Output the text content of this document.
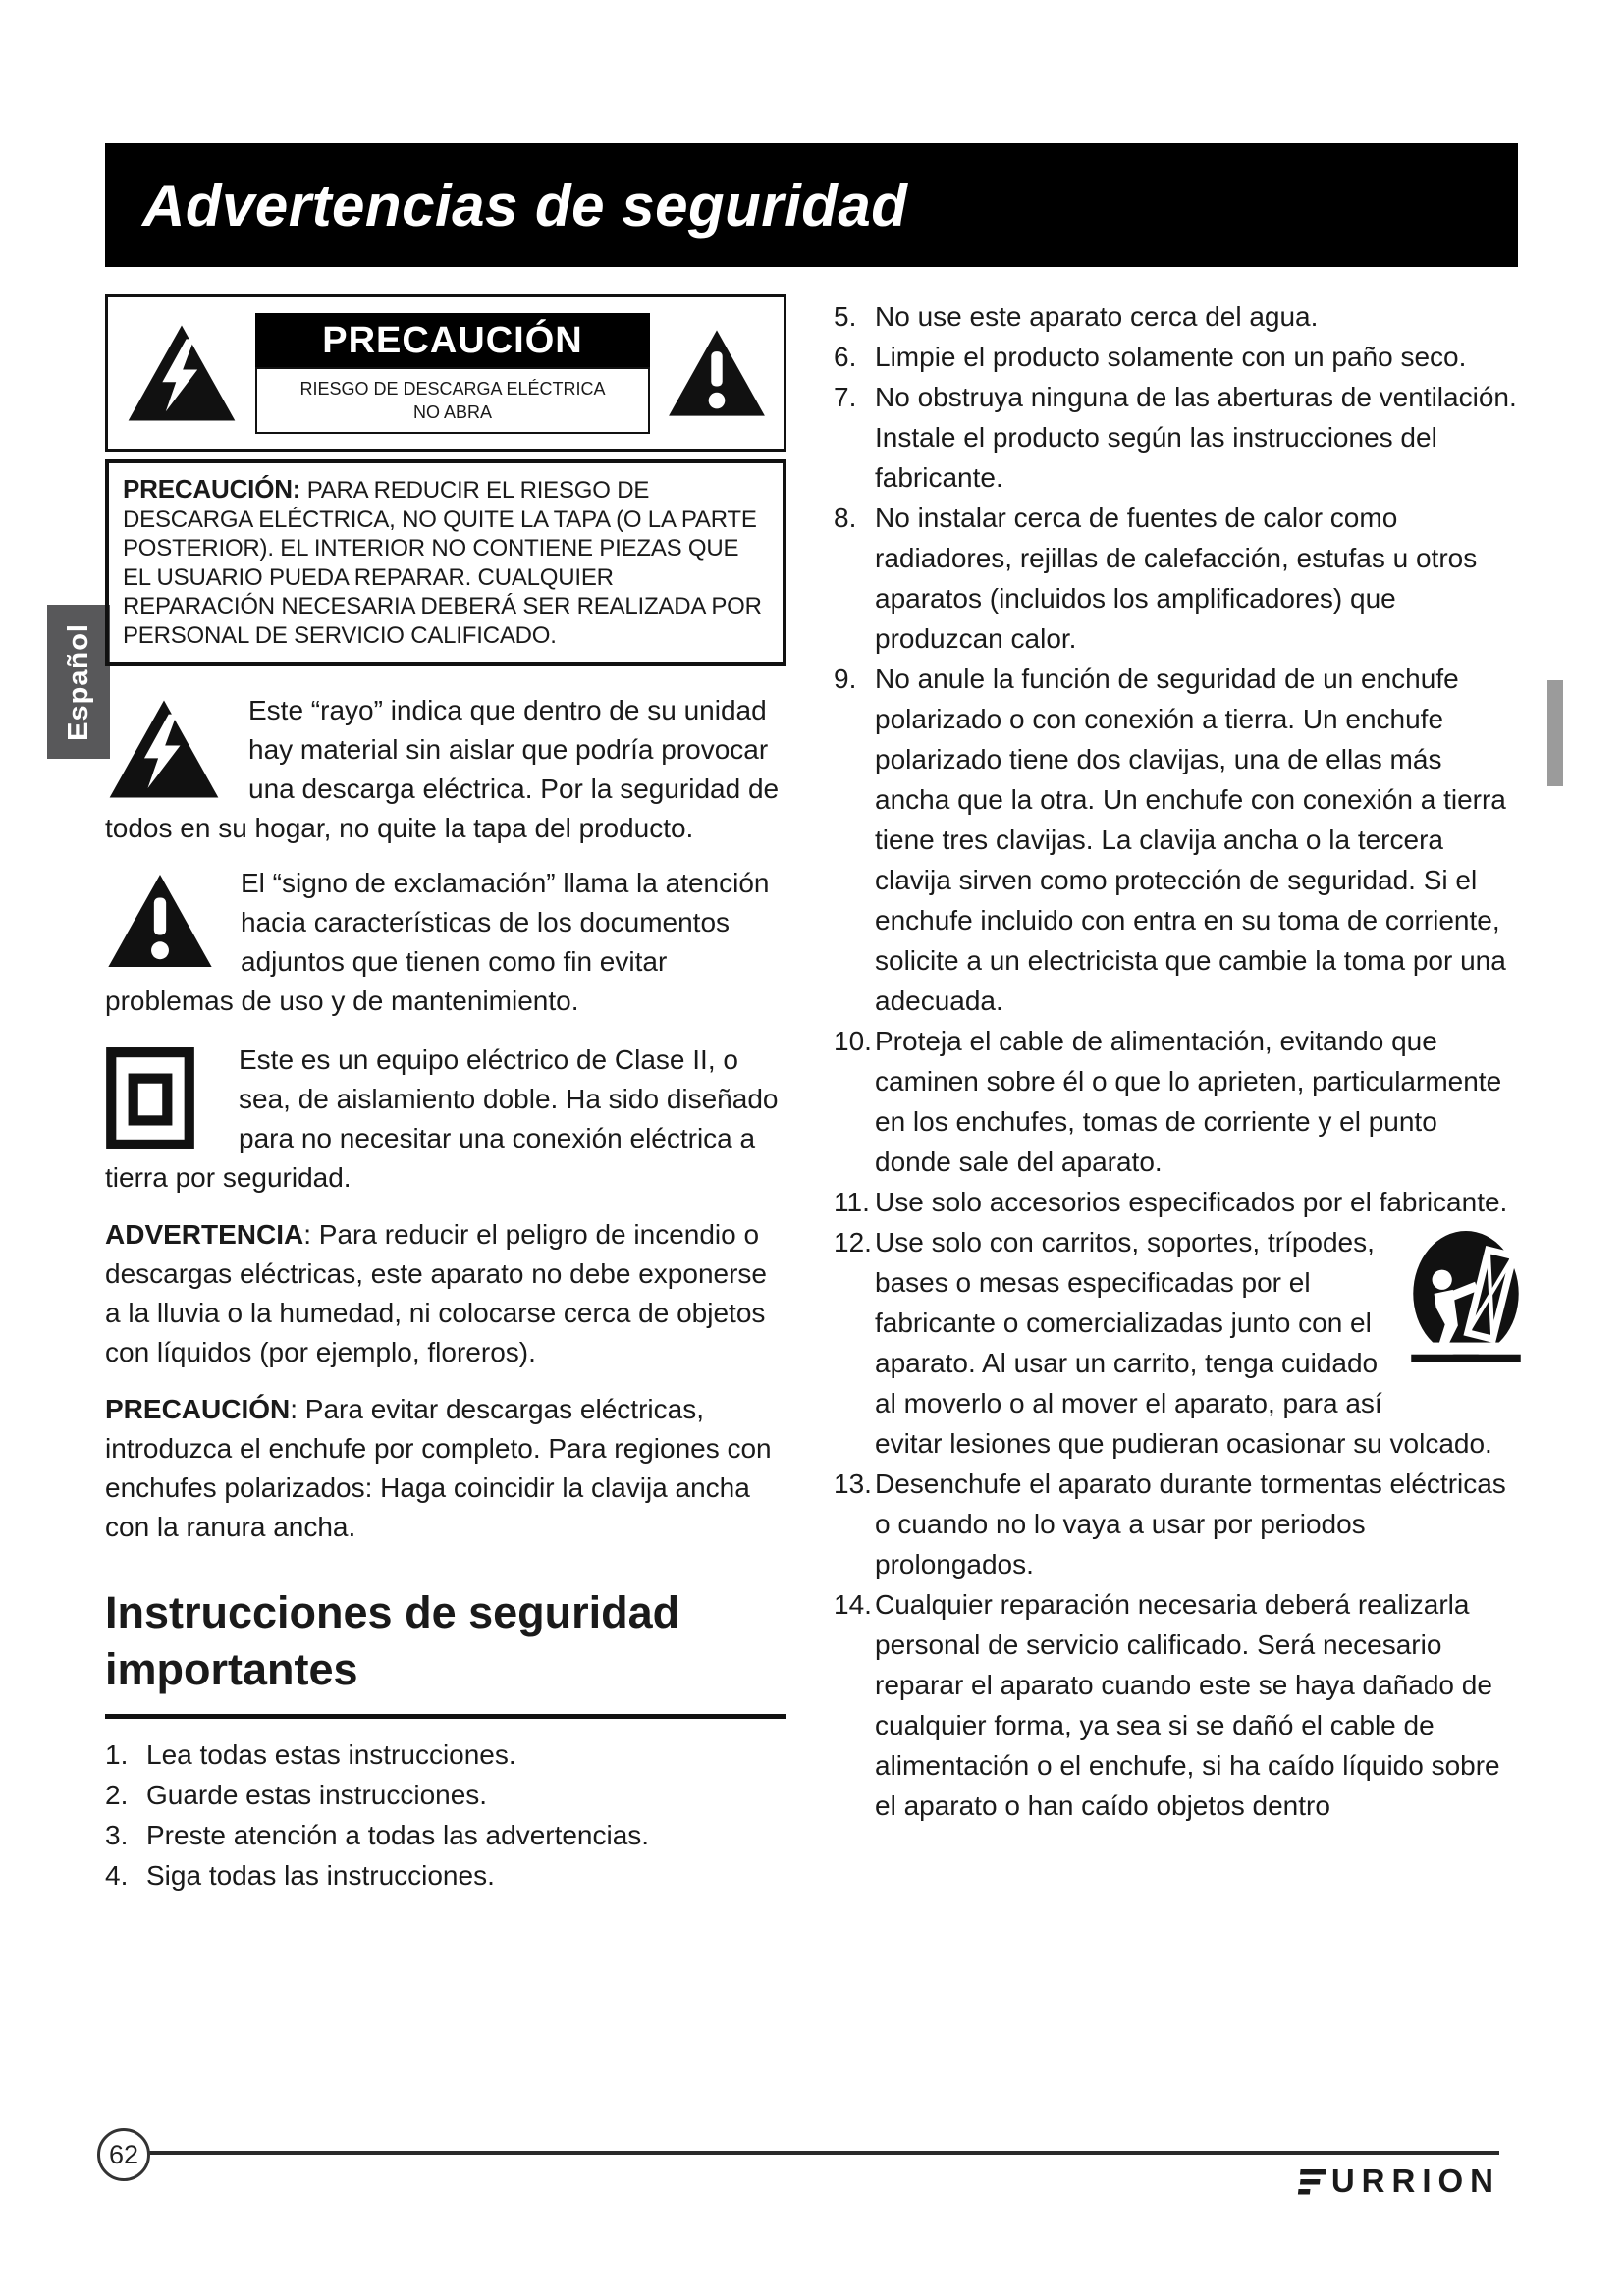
Advertencias de seguridad
Español
PRECAUCIÓN
RIESGO DE DESCARGA ELÉCTRICA
NO ABRA
PRECAUCIÓN: PARA REDUCIR EL RIESGO DE DESCARGA ELÉCTRICA, NO QUITE LA TAPA (O LA PARTE POSTERIOR). EL INTERIOR NO CONTIENE PIEZAS QUE EL USUARIO PUEDA REPARAR. CUALQUIER REPARACIÓN NECESARIA DEBERÁ SER REALIZADA POR PERSONAL DE SERVICIO CALIFICADO.
Este “rayo” indica que dentro de su unidad hay material sin aislar que podría provocar una descarga eléctrica. Por la seguridad de todos en su hogar, no quite la tapa del producto.
El “signo de exclamación” llama la atención hacia características de los documentos adjuntos que tienen como fin evitar problemas de uso y de mantenimiento.
Este es un equipo eléctrico de Clase II, o sea, de aislamiento doble. Ha sido diseñado para no necesitar una conexión eléctrica a tierra por seguridad.
ADVERTENCIA: Para reducir el peligro de incendio o descargas eléctricas, este aparato no debe exponerse a la lluvia o la humedad, ni colocarse cerca de objetos con líquidos (por ejemplo, floreros).
PRECAUCIÓN: Para evitar descargas eléctricas, introduzca el enchufe por completo. Para regiones con enchufes polarizados: Haga coincidir la clavija ancha con la ranura ancha.
Instrucciones de seguridad importantes
1. Lea todas estas instrucciones.
2. Guarde estas instrucciones.
3. Preste atención a todas las advertencias.
4. Siga todas las instrucciones.
5. No use este aparato cerca del agua.
6. Limpie el producto solamente con un paño seco.
7. No obstruya ninguna de las aberturas de ventilación. Instale el producto según las instrucciones del fabricante.
8. No instalar cerca de fuentes de calor como radiadores, rejillas de calefacción, estufas u otros aparatos (incluidos los amplificadores) que produzcan calor.
9. No anule la función de seguridad de un enchufe polarizado o con conexión a tierra. Un enchufe polarizado tiene dos clavijas, una de ellas más ancha que la otra. Un enchufe con conexión a tierra tiene tres clavijas. La clavija ancha o la tercera clavija sirven como protección de seguridad. Si el enchufe incluido con entra en su toma de corriente, solicite a un electricista que cambie la toma por una adecuada.
10. Proteja el cable de alimentación, evitando que caminen sobre él o que lo aprieten, particularmente en los enchufes, tomas de corriente y el punto donde sale del aparato.
11. Use solo accesorios especificados por el fabricante.
12. Use solo con carritos, soportes, trípodes, bases o mesas especificadas por el fabricante o comercializadas junto con el aparato. Al usar un carrito, tenga cuidado al moverlo o al mover el aparato, para así evitar lesiones que pudieran ocasionar su volcado.
13. Desenchufe el aparato durante tormentas eléctricas o cuando no lo vaya a usar por periodos prolongados.
14. Cualquier reparación necesaria deberá realizarla personal de servicio calificado. Será necesario reparar el aparato cuando este se haya dañado de cualquier forma, ya sea si se dañó el cable de alimentación o el enchufe, si ha caído líquido sobre el aparato o han caído objetos dentro
62
URRION
